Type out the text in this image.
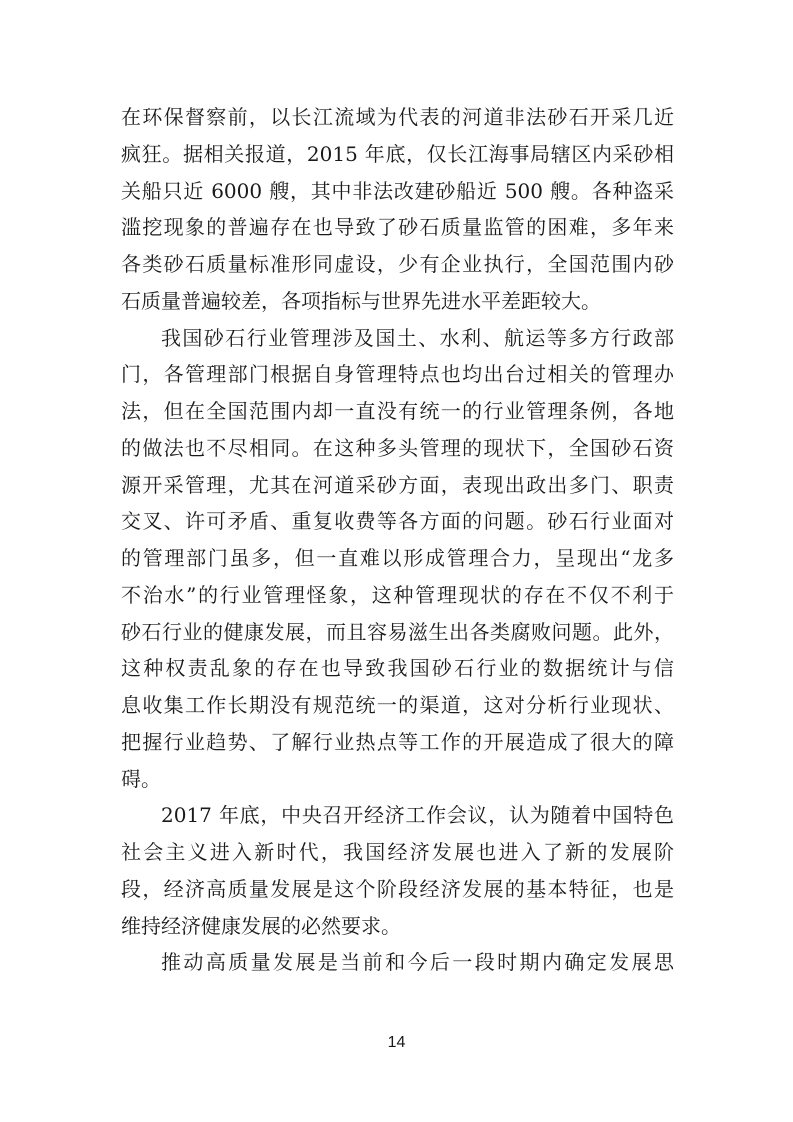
在环保督察前，以长江流域为代表的河道非法砂石开采几近
疯狂。据相关报道，2015 年底，仅长江海事局辖区内采砂相
关船只近 6000 艘，其中非法改建砂船近 500 艘。各种盗采
滥挖现象的普遍存在也导致了砂石质量监管的困难，多年来
各类砂石质量标准形同虚设，少有企业执行，全国范围内砂
石质量普遍较差，各项指标与世界先进水平差距较大。

我国砂石行业管理涉及国土、水利、航运等多方行政部
门，各管理部门根据自身管理特点也均出台过相关的管理办
法，但在全国范围内却一直没有统一的行业管理条例，各地
的做法也不尽相同。在这种多头管理的现状下，全国砂石资
源开采管理，尤其在河道采砂方面，表现出政出多门、职责
交叉、许可矛盾、重复收费等各方面的问题。砂石行业面对
的管理部门虽多，但一直难以形成管理合力，呈现出“龙多
不治水”的行业管理怪象，这种管理现状的存在不仅不利于
砂石行业的健康发展，而且容易滋生出各类腐败问题。此外，
这种权责乱象的存在也导致我国砂石行业的数据统计与信
息收集工作长期没有规范统一的渠道，这对分析行业现状、
把握行业趋势、了解行业热点等工作的开展造成了很大的障
碍。

2017 年底，中央召开经济工作会议，认为随着中国特色
社会主义进入新时代，我国经济发展也进入了新的发展阶
段，经济高质量发展是这个阶段经济发展的基本特征，也是
维持经济健康发展的必然要求。

推动高质量发展是当前和今后一段时期内确定发展思

14
